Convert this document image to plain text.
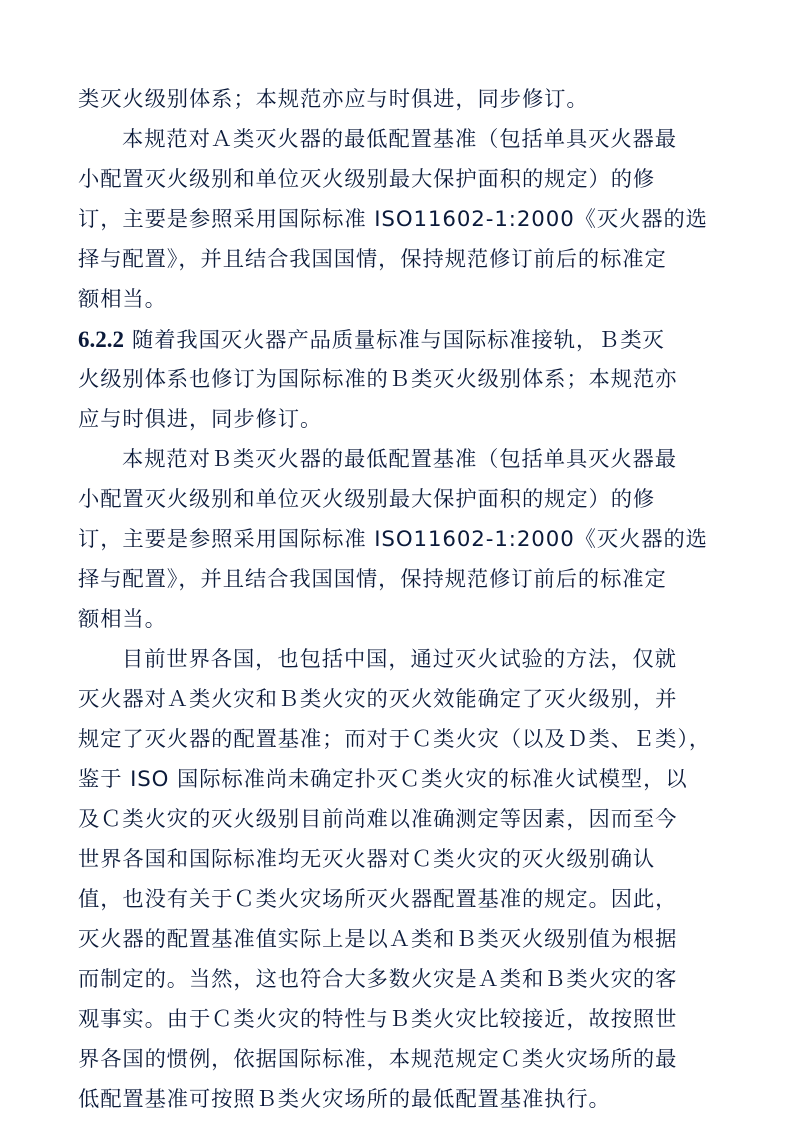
类灭火级别体系；本规范亦应与时俱进，同步修订。
本规范对Ａ类灭火器的最低配置基准（包括单具灭火器最
小配置灭火级别和单位灭火级别最大保护面积的规定）的修
订，主要是参照采用国际标准 ISO11602-1:2000《灭火器的选
择与配置》，并且结合我国国情，保持规范修订前后的标准定
额相当。
6.2.2 随着我国灭火器产品质量标准与国际标准接轨，Ｂ类灭
火级别体系也修订为国际标准的Ｂ类灭火级别体系；本规范亦
应与时俱进，同步修订。
本规范对Ｂ类灭火器的最低配置基准（包括单具灭火器最
小配置灭火级别和单位灭火级别最大保护面积的规定）的修
订，主要是参照采用国际标准 ISO11602-1:2000《灭火器的选
择与配置》，并且结合我国国情，保持规范修订前后的标准定
额相当。
目前世界各国，也包括中国，通过灭火试验的方法，仅就
灭火器对Ａ类火灾和Ｂ类火灾的灭火效能确定了灭火级别，并
规定了灭火器的配置基准；而对于Ｃ类火灾（以及Ｄ类、Ｅ类），
鉴于 ISO 国际标准尚未确定扑灭Ｃ类火灾的标准火试模型，以
及Ｃ类火灾的灭火级别目前尚难以准确测定等因素，因而至今
世界各国和国际标准均无灭火器对Ｃ类火灾的灭火级别确认
值，也没有关于Ｃ类火灾场所灭火器配置基准的规定。因此，
灭火器的配置基准值实际上是以Ａ类和Ｂ类灭火级别值为根据
而制定的。当然，这也符合大多数火灾是Ａ类和Ｂ类火灾的客
观事实。由于Ｃ类火灾的特性与Ｂ类火灾比较接近，故按照世
界各国的惯例，依据国际标准，本规范规定Ｃ类火灾场所的最
低配置基准可按照Ｂ类火灾场所的最低配置基准执行。
